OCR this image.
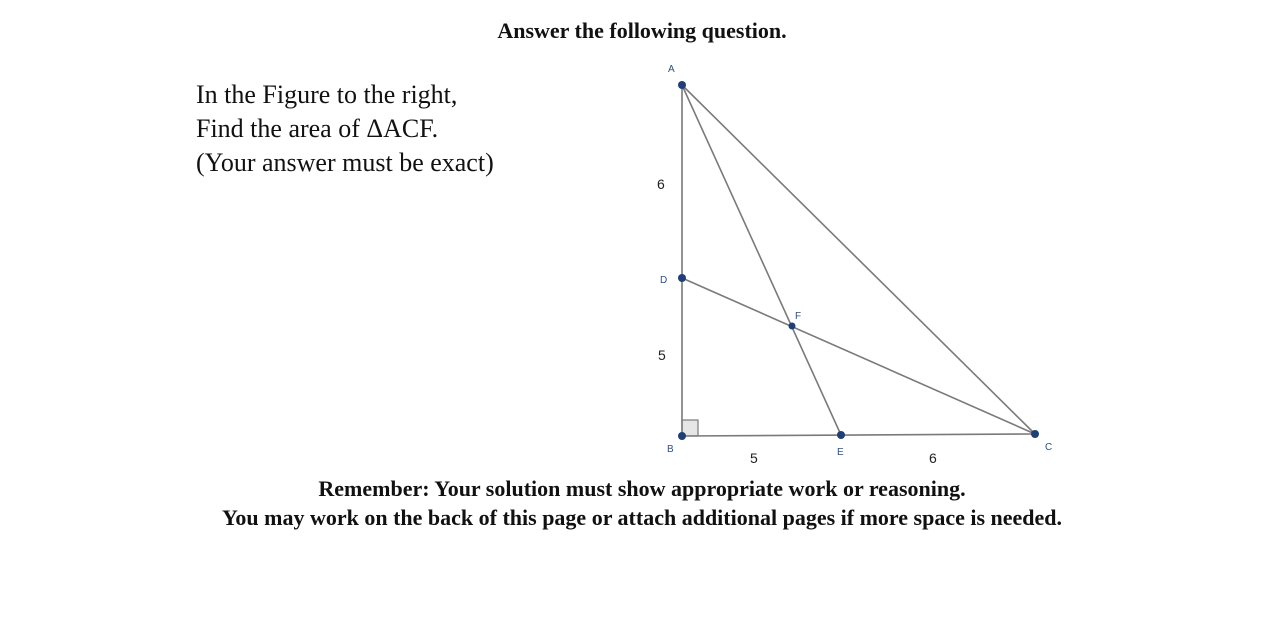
Answer the following question.
In the Figure to the right,
Find the area of ΔACF.
(Your answer must be exact)
A
D
B	E	C
F
6
5
5	6
Remember: Your solution must show appropriate work or reasoning.
You may work on the back of this page or attach additional pages if more space is needed.
